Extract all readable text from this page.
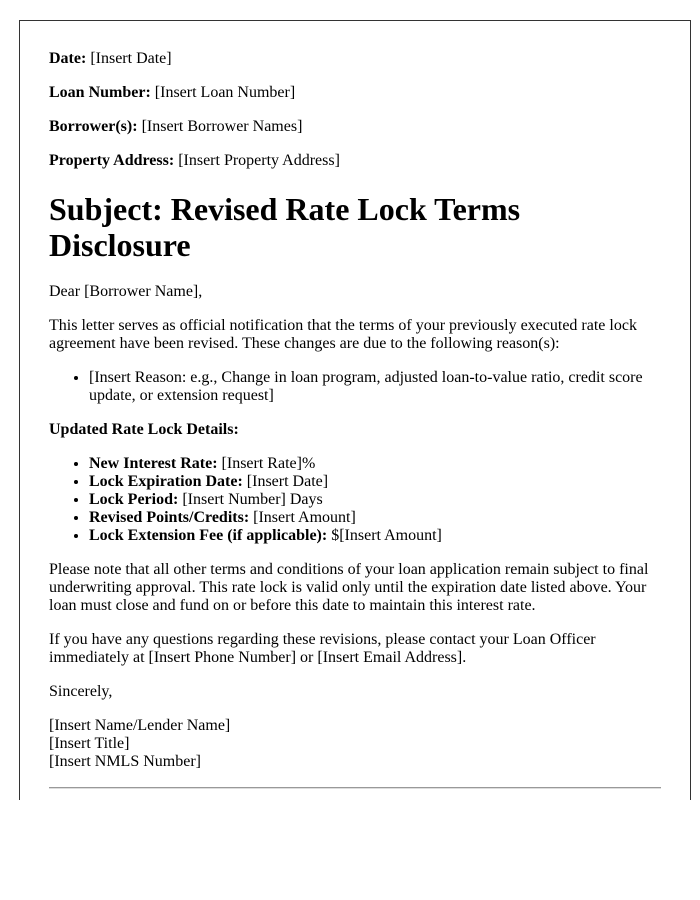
Date: [Insert Date]

Loan Number: [Insert Loan Number]

Borrower(s): [Insert Borrower Names]

Property Address: [Insert Property Address]

Subject: Revised Rate Lock Terms Disclosure

Dear [Borrower Name],

This letter serves as official notification that the terms of your previously executed rate lock agreement have been revised. These changes are due to the following reason(s):

• [Insert Reason: e.g., Change in loan program, adjusted loan-to-value ratio, credit score update, or extension request]

Updated Rate Lock Details:

• New Interest Rate: [Insert Rate]%
• Lock Expiration Date: [Insert Date]
• Lock Period: [Insert Number] Days
• Revised Points/Credits: [Insert Amount]
• Lock Extension Fee (if applicable): $[Insert Amount]

Please note that all other terms and conditions of your loan application remain subject to final underwriting approval. This rate lock is valid only until the expiration date listed above. Your loan must close and fund on or before this date to maintain this interest rate.

If you have any questions regarding these revisions, please contact your Loan Officer immediately at [Insert Phone Number] or [Insert Email Address].

Sincerely,

[Insert Name/Lender Name]
[Insert Title]
[Insert NMLS Number]
